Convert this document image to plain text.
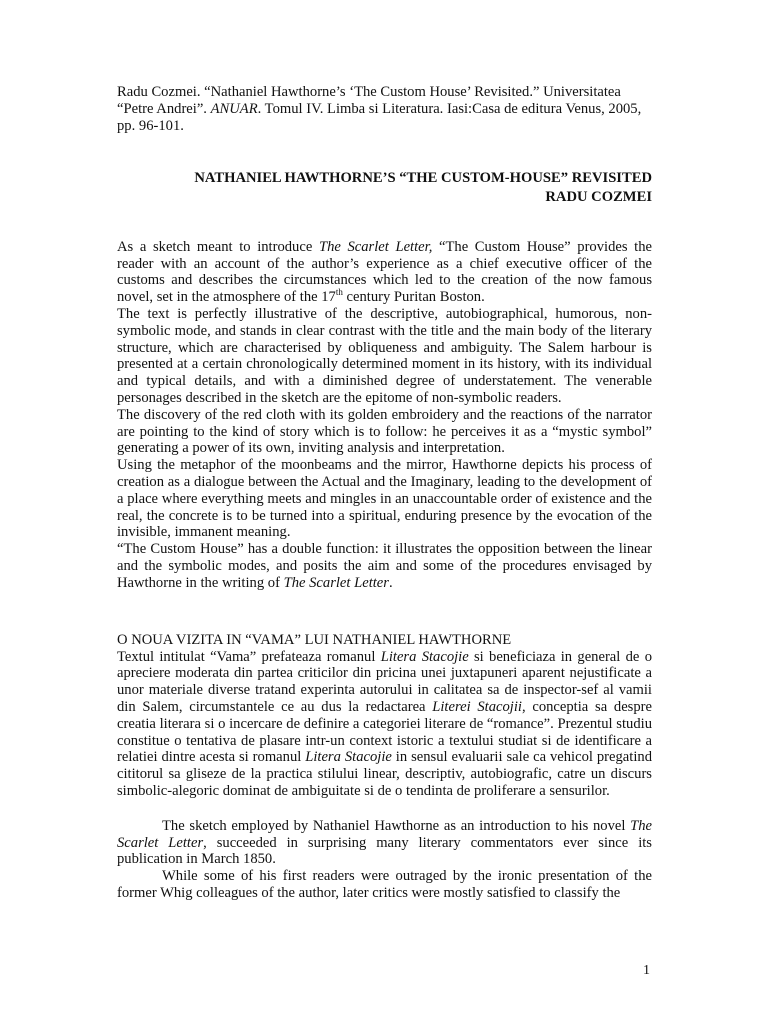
Radu Cozmei. “Nathaniel Hawthorne’s ‘The Custom House’ Revisited.” Universitatea “Petre Andrei”. ANUAR. Tomul IV. Limba si Literatura. Iasi:Casa de editura Venus, 2005, pp. 96-101.

NATHANIEL HAWTHORNE’S “THE CUSTOM-HOUSE” REVISITED
RADU COZMEI

As a sketch meant to introduce The Scarlet Letter, “The Custom House” provides the reader with an account of the author’s experience as a chief executive officer of the customs and describes the circumstances which led to the creation of the now famous novel, set in the atmosphere of the 17th century Puritan Boston.

The text is perfectly illustrative of the descriptive, autobiographical, humorous, non-symbolic mode, and stands in clear contrast with the title and the main body of the literary structure, which are characterised by obliqueness and ambiguity. The Salem harbour is presented at a certain chronologically determined moment in its history, with its individual and typical details, and with a diminished degree of understatement. The venerable personages described in the sketch are the epitome of non-symbolic readers.

The discovery of the red cloth with its golden embroidery and the reactions of the narrator are pointing to the kind of story which is to follow: he perceives it as a “mystic symbol” generating a power of its own, inviting analysis and interpretation.

Using the metaphor of the moonbeams and the mirror, Hawthorne depicts his process of creation as a dialogue between the Actual and the Imaginary, leading to the development of a place where everything meets and mingles in an unaccountable order of existence and the real, the concrete is to be turned into a spiritual, enduring presence by the evocation of the invisible, immanent meaning.

“The Custom House” has a double function: it illustrates the opposition between the linear and the symbolic modes, and posits the aim and some of the procedures envisaged by Hawthorne in the writing of The Scarlet Letter.

O NOUA VIZITA IN “VAMA” LUI NATHANIEL HAWTHORNE

Textul intitulat “Vama” prefateaza romanul Litera Stacojie si beneficiaza in general de o apreciere moderata din partea criticilor din pricina unei juxtapuneri aparent nejustificate a unor materiale diverse tratand experinta autorului in calitatea sa de inspector-sef al vamii din Salem, circumstantele ce au dus la redactarea Literei Stacojii, conceptia sa despre creatia literara si o incercare de definire a categoriei literare de “romance”. Prezentul studiu constitue o tentativa de plasare intr-un context istoric a textului studiat si de identificare a relatiei dintre acesta si romanul Litera Stacojie in sensul evaluarii sale ca vehicol pregatind cititorul sa gliseze de la practica stilului linear, descriptiv, autobiografic, catre un discurs simbolic-alegoric dominat de ambiguitate si de o tendinta de proliferare a sensurilor.

The sketch employed by Nathaniel Hawthorne as an introduction to his novel The Scarlet Letter, succeeded in surprising many literary commentators ever since its publication in March 1850.

While some of his first readers were outraged by the ironic presentation of the former Whig colleagues of the author, later critics were mostly satisfied to classify the

1
